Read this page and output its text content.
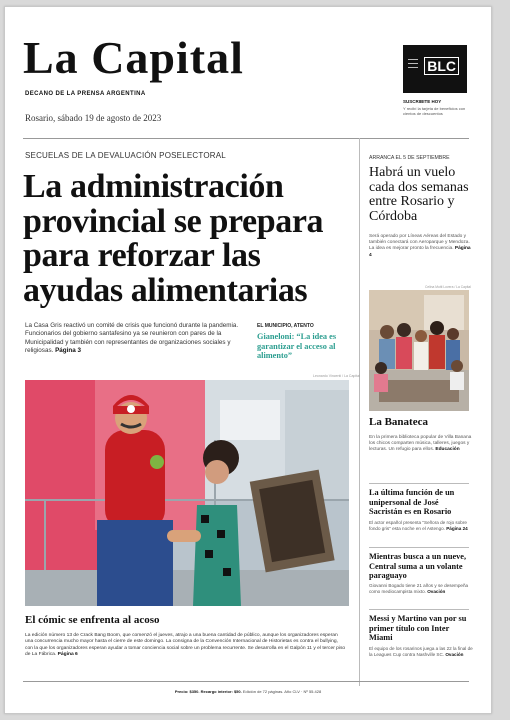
La Capital
DECANO DE LA PRENSA ARGENTINA
Rosario, sábado 19 de agosto de 2023
BLC
SUSCRIBITE HOY
Y recibí la tarjeta de beneficios con cientos de descuentos
SECUELAS DE LA DEVALUACIÓN POSELECTORAL
La administración provincial se prepara para reforzar las ayudas alimentarias
La Casa Gris reactivó un comité de crisis que funcionó durante la pandemia. Funcionarios del gobierno santafesino ya se reunieron con pares de la Municipalidad y también con representantes de organizaciones sociales y religiosas. Página 3
EL MUNICIPIO, ATENTO
Gianeloni: “La idea es garantizar el acceso al alimento”
Leonardo Vincenti / La Capital
El cómic se enfrenta al acoso
La edición número 13 de Crack Bang Boom, que comenzó el jueves, atrajo a una buena cantidad de público, aunque los organizadores esperan una concurrencia mucho mayor hasta el cierre de este domingo. La consigna de la Convención Internacional de Historietas es contra el bullying, con la que los organizadores esperan ayudar a tomar conciencia social sobre un problema recurrente. Se desarrolla en el Galpón 11 y el tercer piso de La Fábrica. Página 6
ARRANCA EL 5 DE SEPTIEMBRE
Habrá un vuelo cada dos semanas entre Rosario y Córdoba
Será operado por Líneas Aéreas del Estado y también conectará con Aeroparque y Mendoza. La idea es mejorar pronto la frecuencia. Página 4
Celina Mutti Lovera / La Capital
La Banateca
En la primera biblioteca popular de Villa Banana los chicos comparten música, talleres, juegos y lecturas. Un refugio para ellos. Educación
La última función de un unipersonal de José Sacristán es en Rosario
El actor español presenta "Señora de rojo sobre fondo gris" esta noche en el Astengo. Página 24
Mientras busca a un nueve, Central suma a un volante paraguayo
Giovanni Bogado tiene 21 años y se desempeña como mediocampista mixto. Ovación
Messi y Martino van por su primer título con Inter Miami
El equipo de los rosarinos juega a las 22 la final de la Leagues Cup contra Nashville SC. Ovación
Precio: $350. Recargo interior: $50. Edición de 72 páginas. Año CLV · Nº 55.428
